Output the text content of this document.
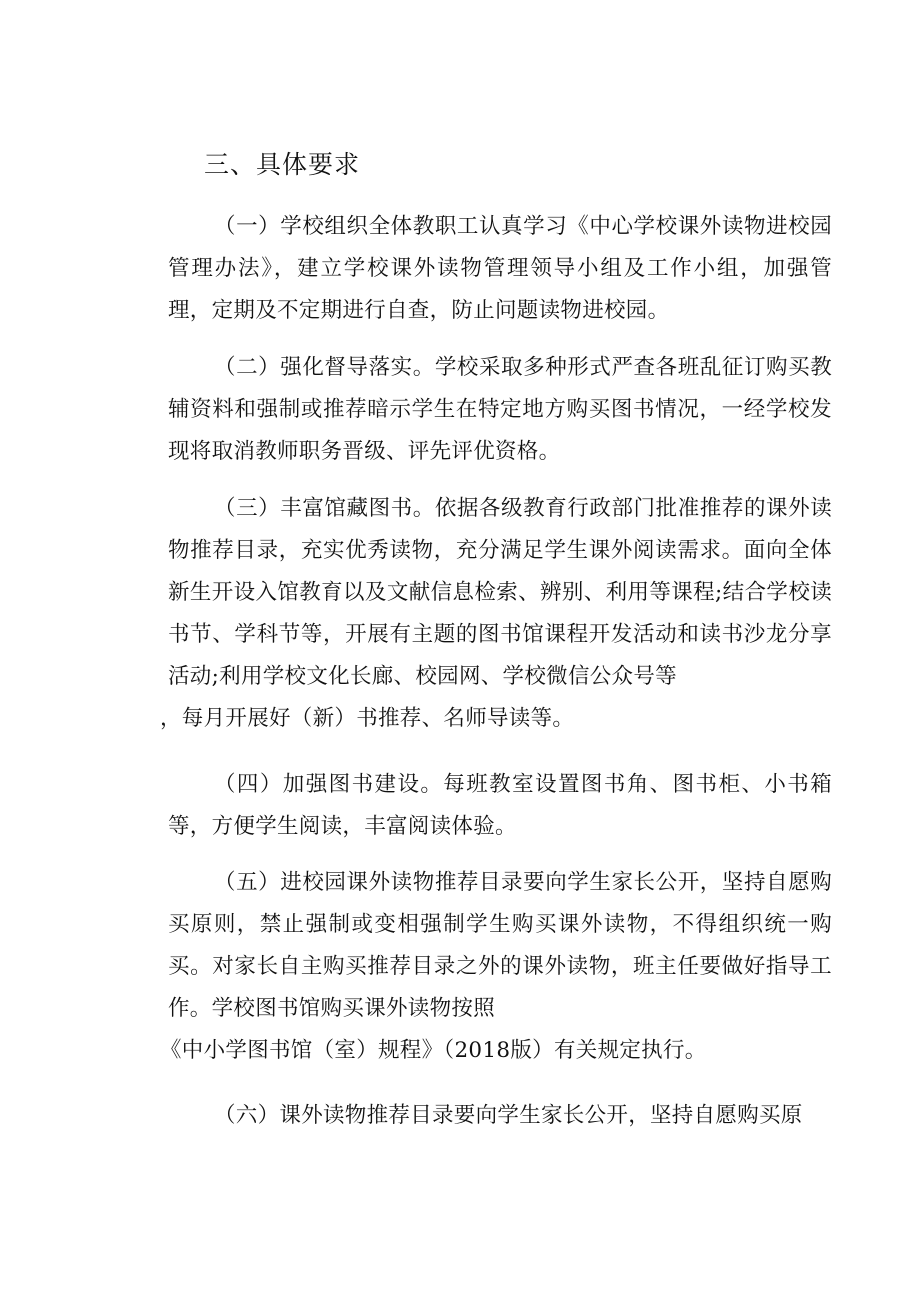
三、具体要求

（一）学校组织全体教职工认真学习《中心学校课外读物进校园管理办法》，建立学校课外读物管理领导小组及工作小组，加强管理，定期及不定期进行自查，防止问题读物进校园。

（二）强化督导落实。学校采取多种形式严查各班乱征订购买教辅资料和强制或推荐暗示学生在特定地方购买图书情况，一经学校发现将取消教师职务晋级、评先评优资格。

（三）丰富馆藏图书。依据各级教育行政部门批准推荐的课外读物推荐目录，充实优秀读物，充分满足学生课外阅读需求。面向全体新生开设入馆教育以及文献信息检索、辨别、利用等课程;结合学校读书节、学科节等，开展有主题的图书馆课程开发活动和读书沙龙分享活动;利用学校文化长廊、校园网、学校微信公众号等
，每月开展好（新）书推荐、名师导读等。

（四）加强图书建设。每班教室设置图书角、图书柜、小书箱等，方便学生阅读，丰富阅读体验。

（五）进校园课外读物推荐目录要向学生家长公开，坚持自愿购买原则，禁止强制或变相强制学生购买课外读物，不得组织统一购买。对家长自主购买推荐目录之外的课外读物，班主任要做好指导工作。学校图书馆购买课外读物按照
《中小学图书馆（室）规程》（2018版）有关规定执行。

（六）课外读物推荐目录要向学生家长公开，坚持自愿购买原
